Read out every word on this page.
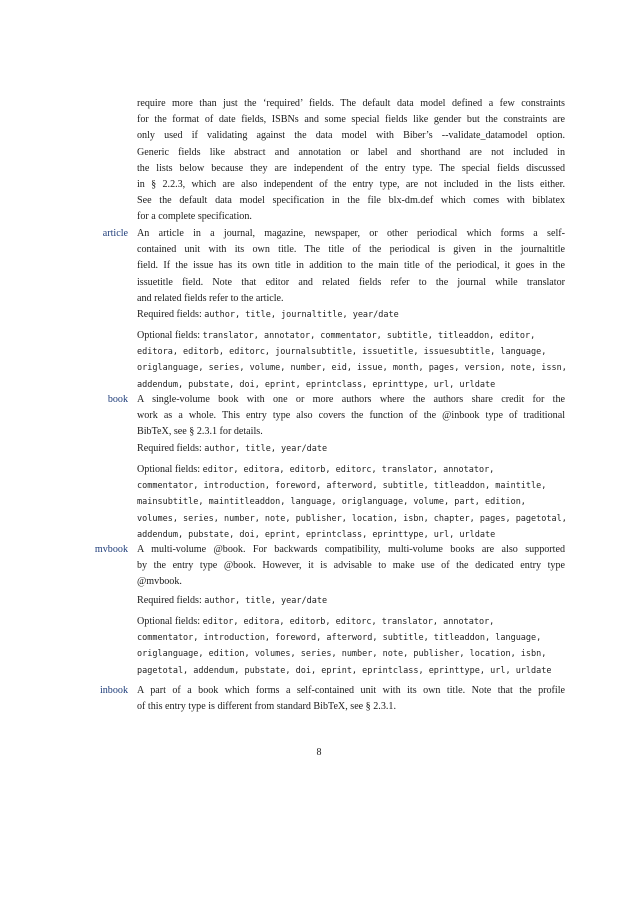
require more than just the ‘required’ fields. The default data model defined a few constraints
for the format of date fields, ISBNs and some special fields like gender but the constraints are
only used if validating against the data model with Biber’s --validate_datamodel option.
Generic fields like abstract and annotation or label and shorthand are not included in
the lists below because they are independent of the entry type. The special fields discussed
in § 2.2.3, which are also independent of the entry type, are not included in the lists either.
See the default data model specification in the file blx-dm.def which comes with biblatex
for a complete specification.
article An article in a journal, magazine, newspaper, or other periodical which forms a self-
contained unit with its own title. The title of the periodical is given in the journaltitle
field. If the issue has its own title in addition to the main title of the periodical, it goes in the
issuetitle field. Note that editor and related fields refer to the journal while translator
and related fields refer to the article.
Required fields: author, title, journaltitle, year/date
Optional fields: translator, annotator, commentator, subtitle, titleaddon, editor,
editora, editorb, editorc, journalsubtitle, issuetitle, issuesubtitle, language,
origlanguage, series, volume, number, eid, issue, month, pages, version, note, issn,
addendum, pubstate, doi, eprint, eprintclass, eprinttype, url, urldate
book A single-volume book with one or more authors where the authors share credit for the
work as a whole. This entry type also covers the function of the @inbook type of traditional
BibTeX, see § 2.3.1 for details.
Required fields: author, title, year/date
Optional fields: editor, editora, editorb, editorc, translator, annotator,
commentator, introduction, foreword, afterword, subtitle, titleaddon, maintitle,
mainsubtitle, maintitleaddon, language, origlanguage, volume, part, edition,
volumes, series, number, note, publisher, location, isbn, chapter, pages, pagetotal,
addendum, pubstate, doi, eprint, eprintclass, eprinttype, url, urldate
mvbook A multi-volume @book. For backwards compatibility, multi-volume books are also supported
by the entry type @book. However, it is advisable to make use of the dedicated entry type
@mvbook.
Required fields: author, title, year/date
Optional fields: editor, editora, editorb, editorc, translator, annotator,
commentator, introduction, foreword, afterword, subtitle, titleaddon, language,
origlanguage, edition, volumes, series, number, note, publisher, location, isbn,
pagetotal, addendum, pubstate, doi, eprint, eprintclass, eprinttype, url, urldate
inbook A part of a book which forms a self-contained unit with its own title. Note that the profile
of this entry type is different from standard BibTeX, see § 2.3.1.
8
